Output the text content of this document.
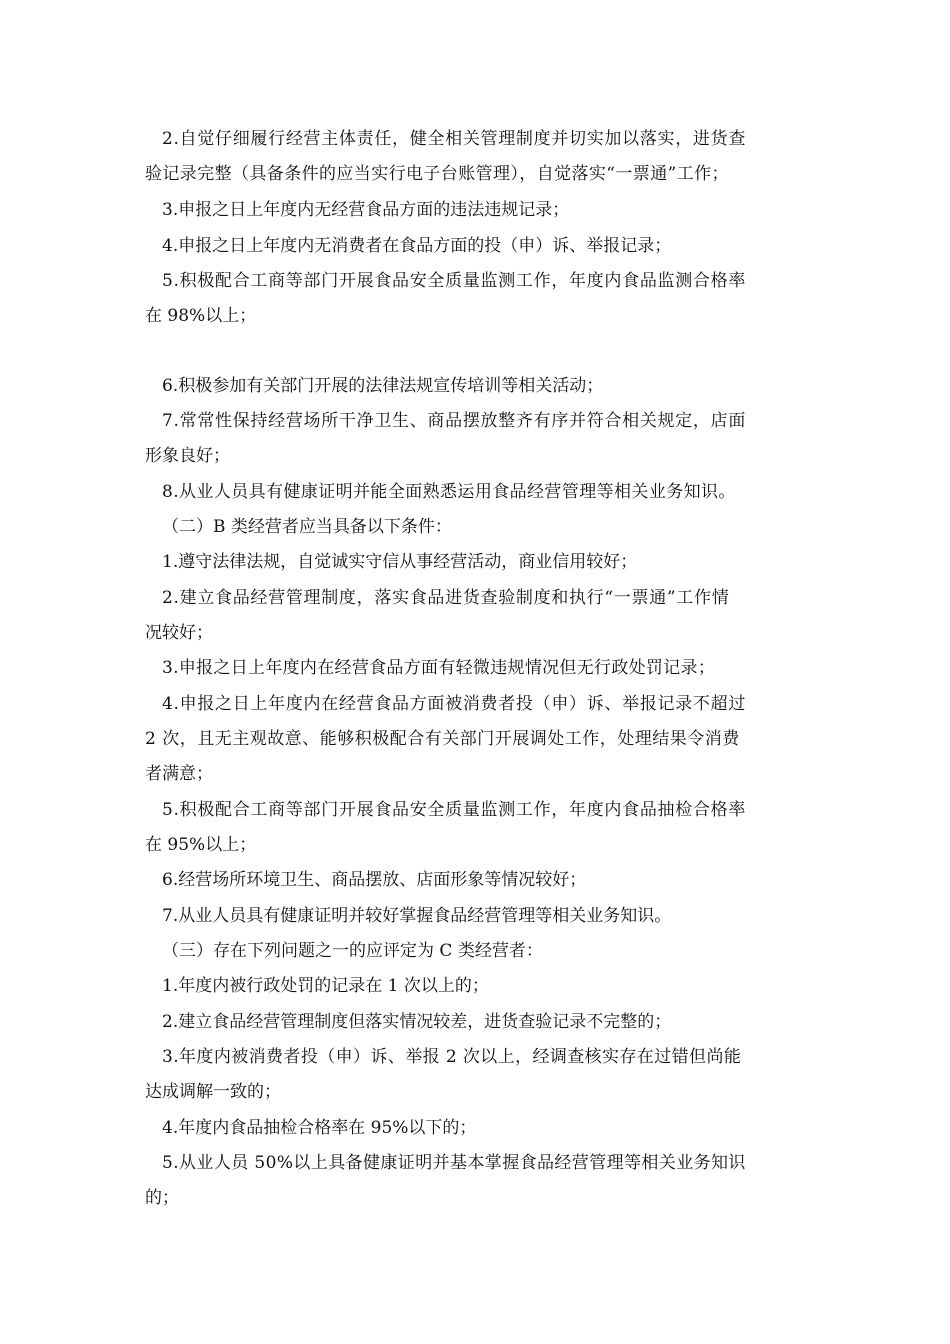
2.自觉仔细履行经营主体责任，健全相关管理制度并切实加以落实，进货查
验记录完整（具备条件的应当实行电子台账管理），自觉落实“一票通”工作；
3.申报之日上年度内无经营食品方面的违法违规记录；
4.申报之日上年度内无消费者在食品方面的投（申）诉、举报记录；
5.积极配合工商等部门开展食品安全质量监测工作，年度内食品监测合格率
在 98%以上；
6.积极参加有关部门开展的法律法规宣传培训等相关活动；
7.常常性保持经营场所干净卫生、商品摆放整齐有序并符合相关规定，店面
形象良好；
8.从业人员具有健康证明并能全面熟悉运用食品经营管理等相关业务知识。
（二）B 类经营者应当具备以下条件：
1.遵守法律法规，自觉诚实守信从事经营活动，商业信用较好；
2.建立食品经营管理制度，落实食品进货查验制度和执行“一票通”工作情
况较好；
3.申报之日上年度内在经营食品方面有轻微违规情况但无行政处罚记录；
4.申报之日上年度内在经营食品方面被消费者投（申）诉、举报记录不超过
2 次，且无主观故意、能够积极配合有关部门开展调处工作，处理结果令消费
者满意；
5.积极配合工商等部门开展食品安全质量监测工作，年度内食品抽检合格率
在 95%以上；
6.经营场所环境卫生、商品摆放、店面形象等情况较好；
7.从业人员具有健康证明并较好掌握食品经营管理等相关业务知识。
（三）存在下列问题之一的应评定为 C 类经营者：
1.年度内被行政处罚的记录在 1 次以上的；
2.建立食品经营管理制度但落实情况较差，进货查验记录不完整的；
3.年度内被消费者投（申）诉、举报 2 次以上，经调查核实存在过错但尚能
达成调解一致的；
4.年度内食品抽检合格率在 95%以下的；
5.从业人员 50%以上具备健康证明并基本掌握食品经营管理等相关业务知识
的；
